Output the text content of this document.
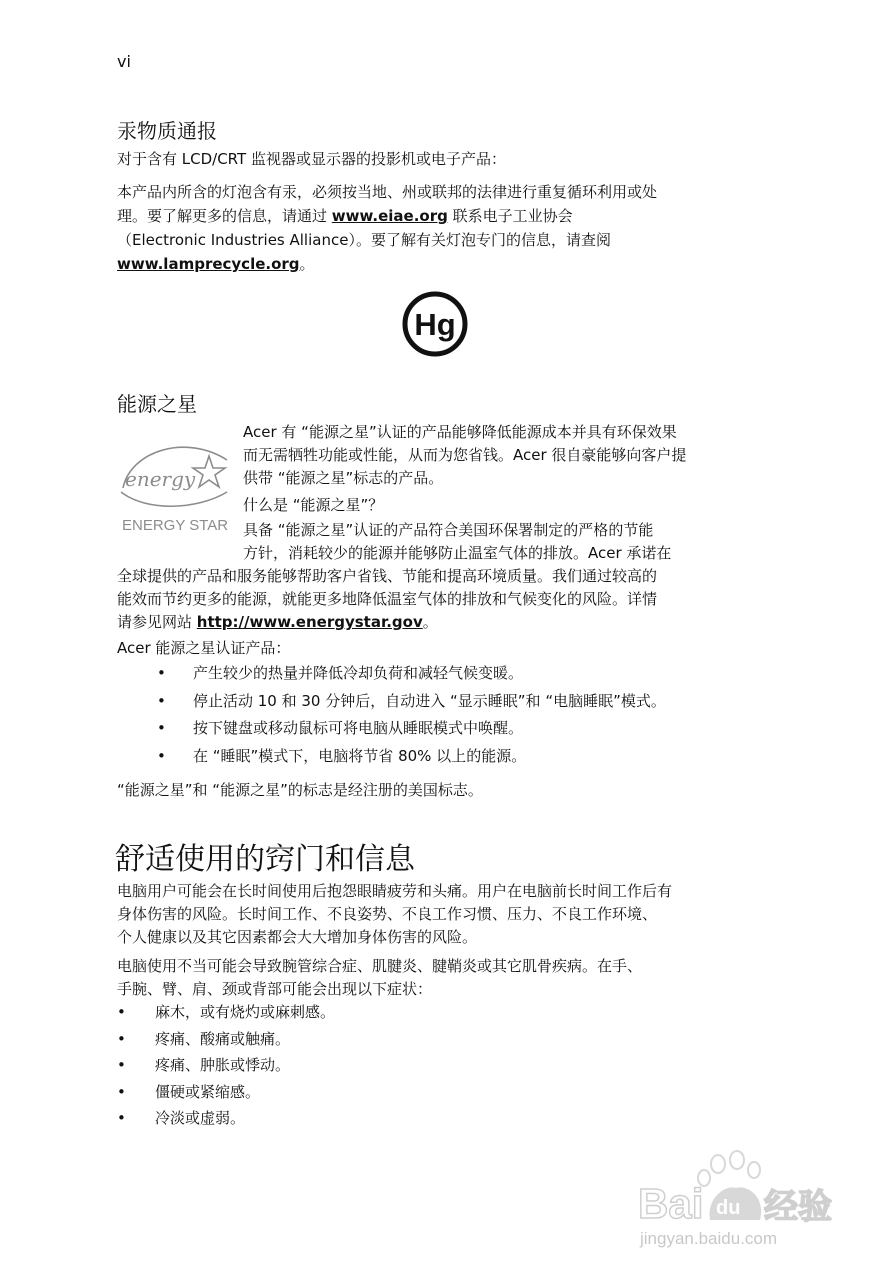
vi
汞物质通报
对于含有 LCD/CRT 监视器或显示器的投影机或电子产品：
本产品内所含的灯泡含有汞，必须按当地、州或联邦的法律进行重复循环利用或处
理。要了解更多的信息，请通过 www.eiae.org 联系电子工业协会
（Electronic Industries Alliance）。要了解有关灯泡专门的信息，请查阅
www.lamprecycle.org。
Hg
能源之星
energy
ENERGY STAR
Acer 有 “能源之星”认证的产品能够降低能源成本并具有环保效果
而无需牺牲功能或性能，从而为您省钱。Acer 很自豪能够向客户提
供带 “能源之星”标志的产品。
什么是 “能源之星”？
具备 “能源之星”认证的产品符合美国环保署制定的严格的节能
方针，消耗较少的能源并能够防止温室气体的排放。Acer 承诺在
全球提供的产品和服务能够帮助客户省钱、节能和提高环境质量。我们通过较高的
能效而节约更多的能源，就能更多地降低温室气体的排放和气候变化的风险。详情
请参见网站 http://www.energystar.gov。
Acer 能源之星认证产品：
• 产生较少的热量并降低冷却负荷和减轻气候变暖。
• 停止活动 10 和 30 分钟后，自动进入 “显示睡眠”和 “电脑睡眠”模式。
• 按下键盘或移动鼠标可将电脑从睡眠模式中唤醒。
• 在 “睡眠”模式下，电脑将节省 80% 以上的能源。
“能源之星”和 “能源之星”的标志是经注册的美国标志。
舒适使用的窍门和信息
电脑用户可能会在长时间使用后抱怨眼睛疲劳和头痛。用户在电脑前长时间工作后有
身体伤害的风险。长时间工作、不良姿势、不良工作习惯、压力、不良工作环境、
个人健康以及其它因素都会大大增加身体伤害的风险。
电脑使用不当可能会导致腕管综合症、肌腱炎、腱鞘炎或其它肌骨疾病。在手、
手腕、臂、肩、颈或背部可能会出现以下症状：
• 麻木，或有烧灼或麻刺感。
• 疼痛、酸痛或触痛。
• 疼痛、肿胀或悸动。
• 僵硬或紧缩感。
• 冷淡或虚弱。
Bai du 经验
jingyan.baidu.com
